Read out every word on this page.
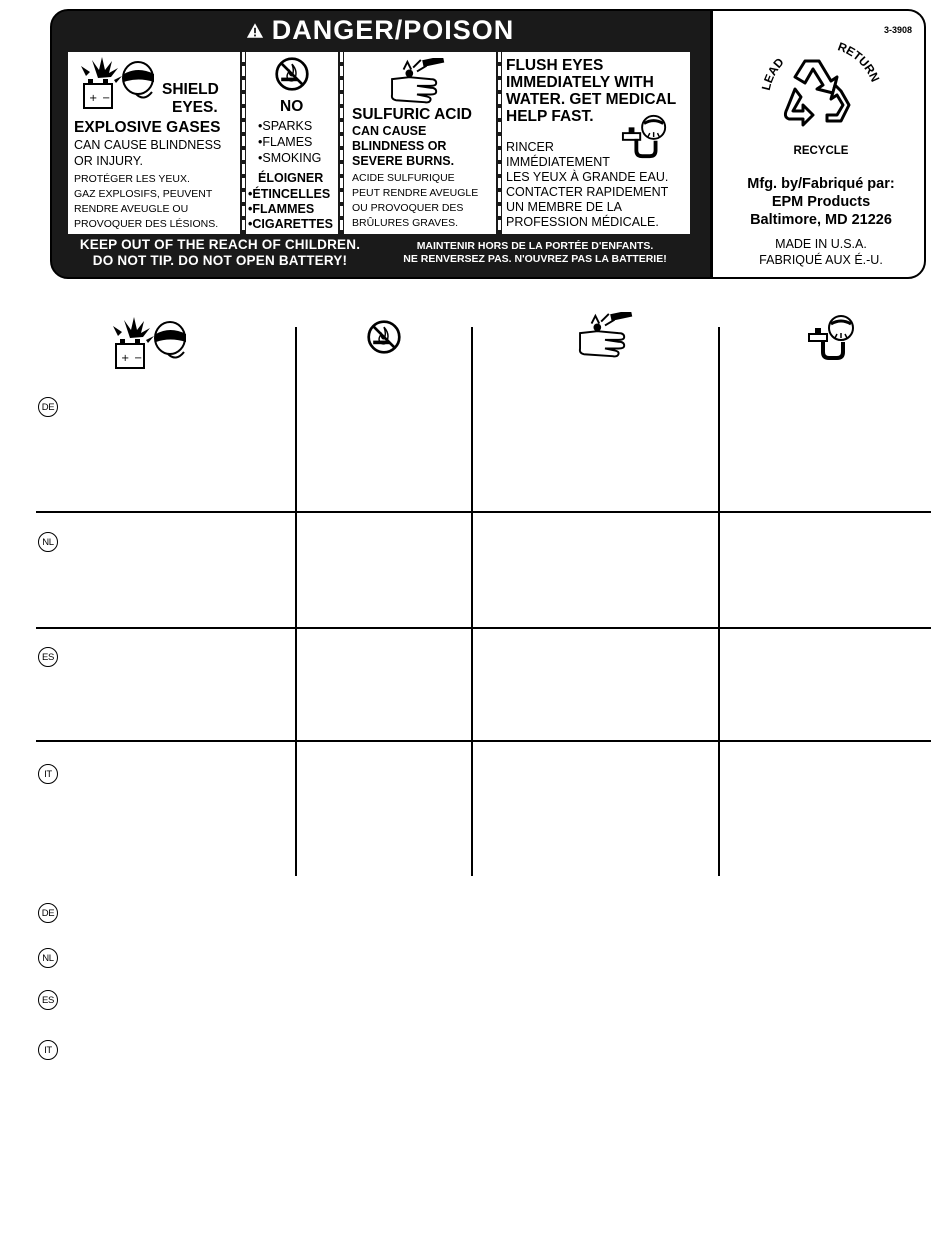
DANGER/POISON
SHIELD
EYES.
EXPLOSIVE GASES
CAN CAUSE BLINDNESS
OR INJURY.
PROTÉGER LES YEUX.
GAZ EXPLOSIFS, PEUVENT
RENDRE AVEUGLE OU
PROVOQUER DES LÉSIONS.
NO
•SPARKS
•FLAMES
•SMOKING
ÉLOIGNER
•ÉTINCELLES
•FLAMMES
•CIGARETTES
SULFURIC ACID
CAN CAUSE
BLINDNESS OR
SEVERE BURNS.
ACIDE SULFURIQUE
PEUT RENDRE AVEUGLE
OU PROVOQUER DES
BRÛLURES GRAVES.
FLUSH EYES
IMMEDIATELY WITH
WATER. GET MEDICAL
HELP FAST.
RINCER
IMMÉDIATEMENT
LES YEUX À GRANDE EAU.
CONTACTER RAPIDEMENT
UN MEMBRE DE LA
PROFESSION MÉDICALE.
KEEP OUT OF THE REACH OF CHILDREN.
DO NOT TIP. DO NOT OPEN BATTERY!
MAINTENIR HORS DE LA PORTÉE D'ENFANTS.
NE RENVERSEZ PAS. N'OUVREZ PAS LA BATTERIE!
3-3908
LEAD
RETURN
RECYCLE
Mfg. by/Fabriqué par:
EPM Products
Baltimore, MD 21226
MADE IN U.S.A.
FABRIQUÉ AUX É.-U.
DE
NL
ES
IT
DE
NL
ES
IT
